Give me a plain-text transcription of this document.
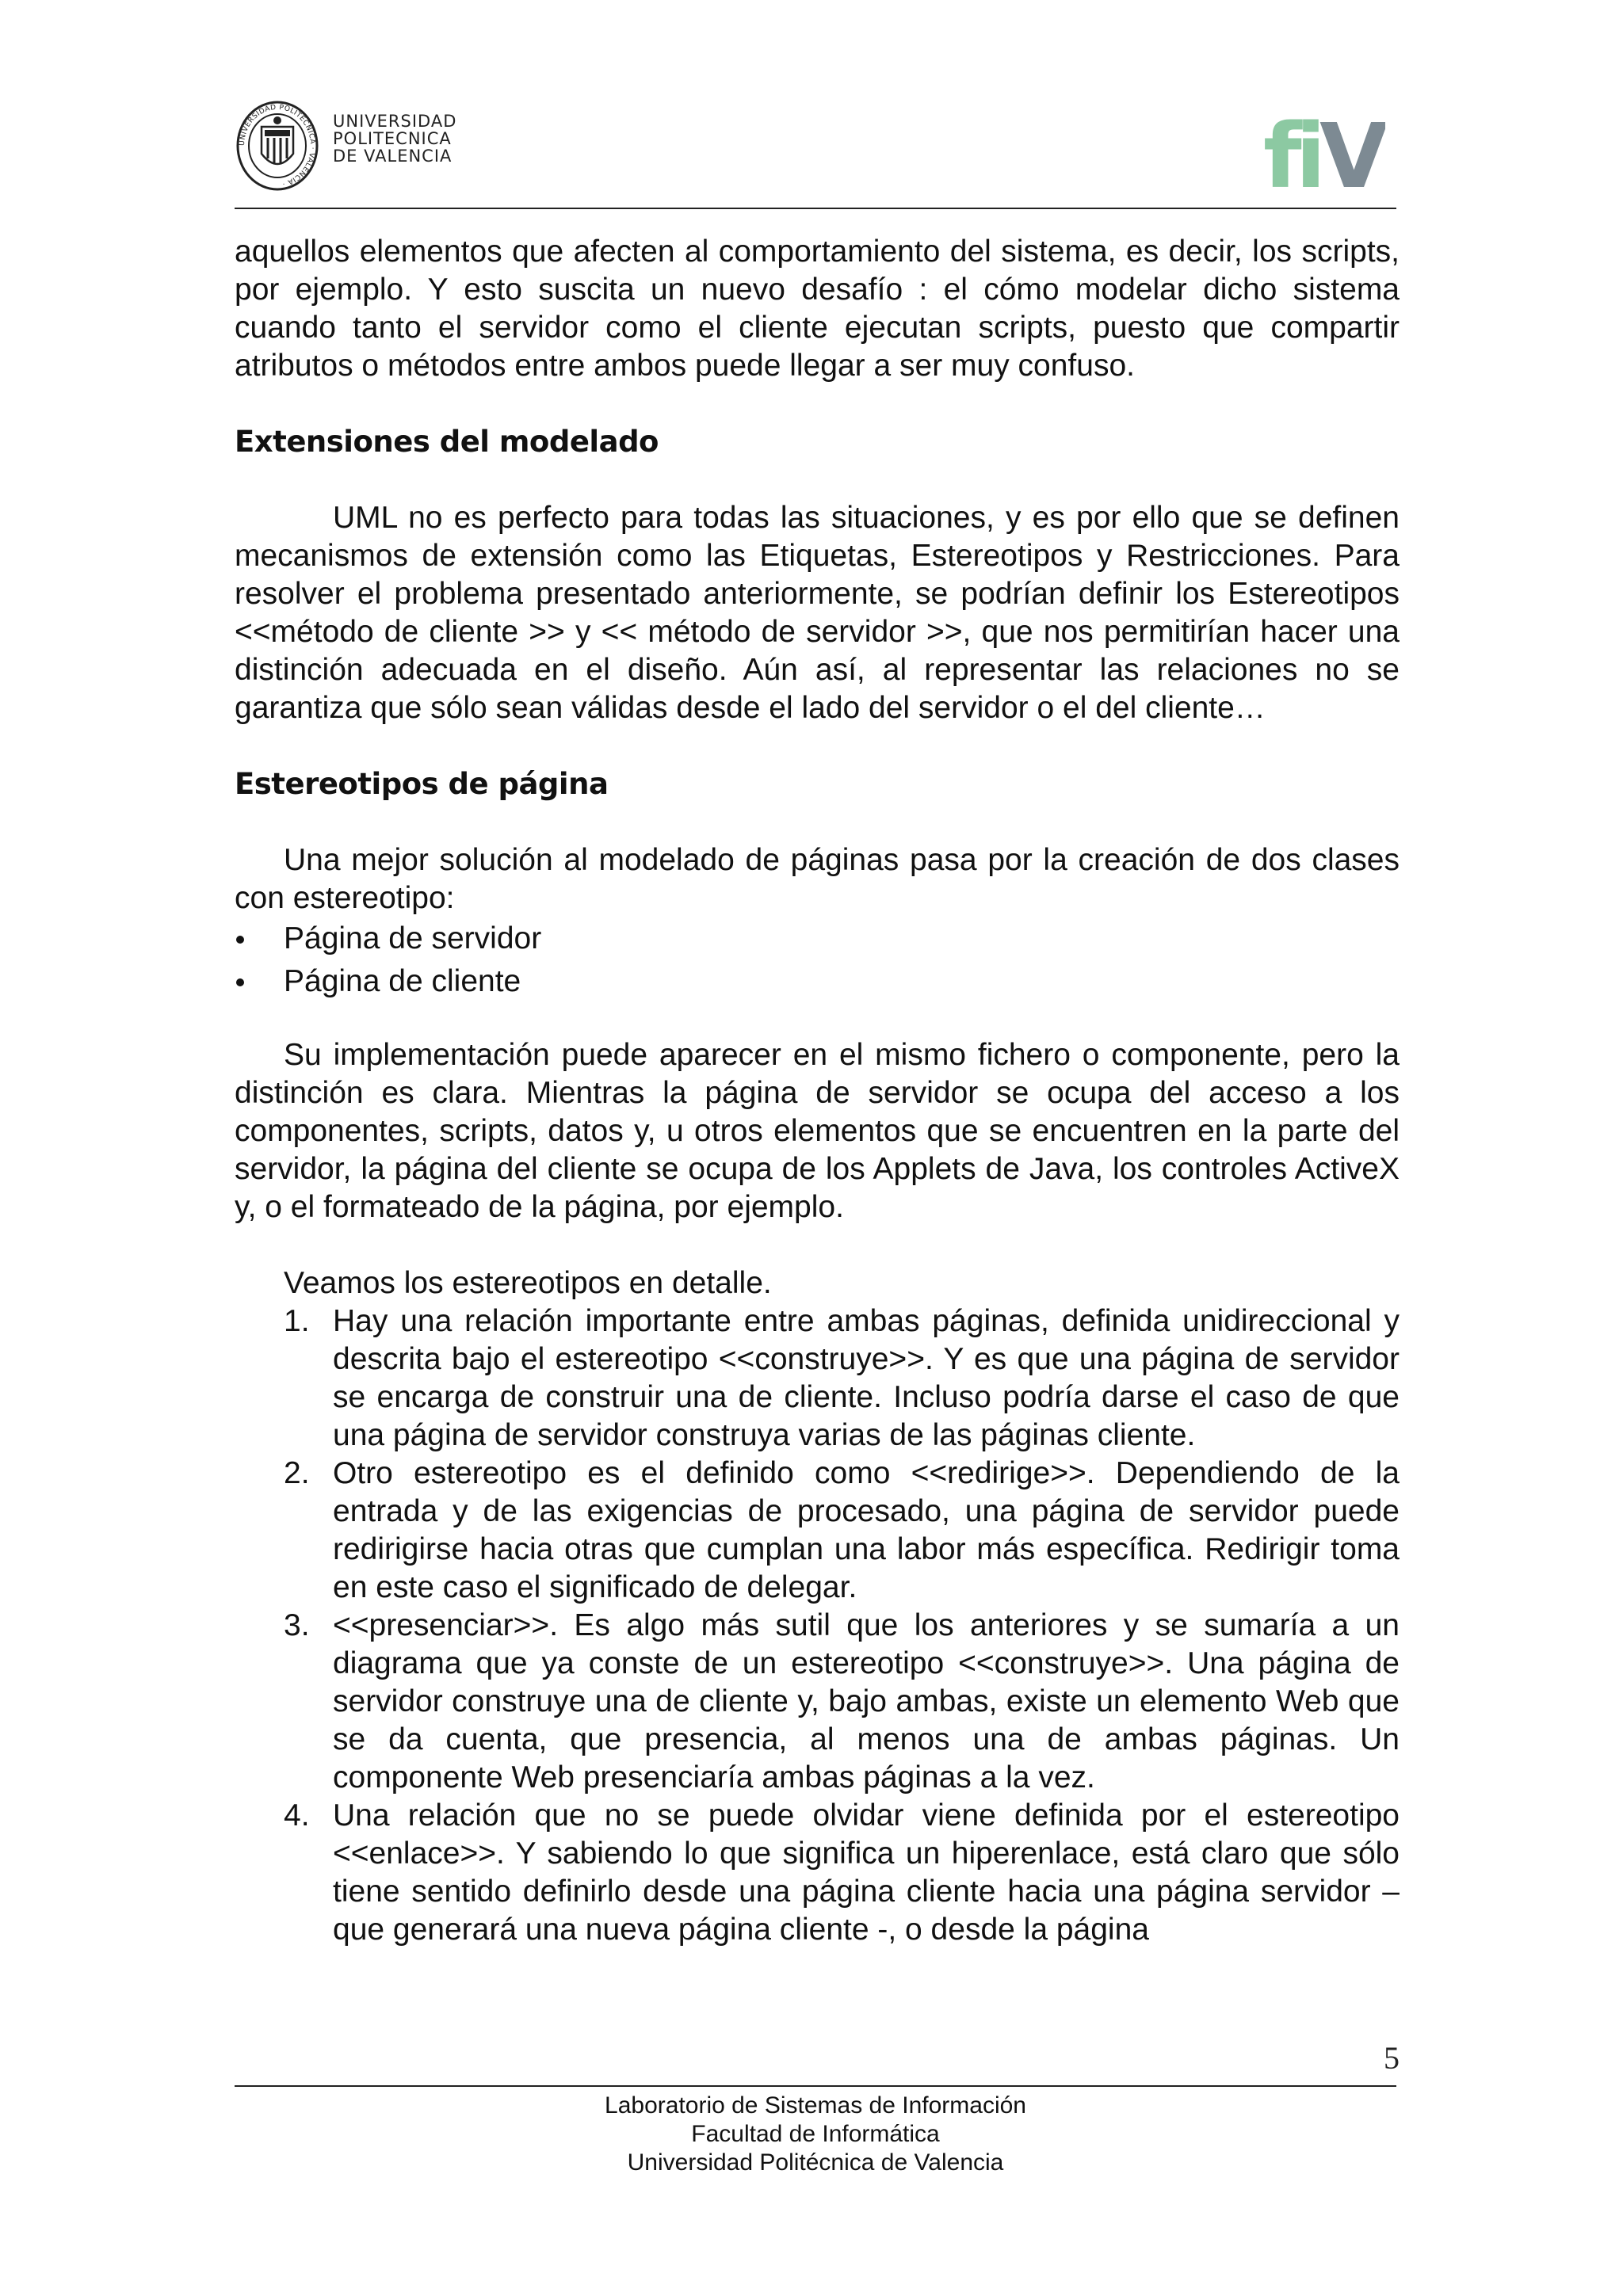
UNIVERSIDAD POLITÉCNICA · VALENCIA ·
UNIVERSIDAD
POLITECNICA
DE VALENCIA	fiV

aquellos elementos que afecten al comportamiento del sistema, es decir, los scripts, por ejemplo. Y esto suscita un nuevo desafío : el cómo modelar dicho sistema cuando tanto el servidor como el cliente ejecutan scripts, puesto que compartir atributos o métodos entre ambos puede llegar a ser muy confuso.

Extensiones del modelado

UML no es perfecto para todas las situaciones, y es por ello que se definen mecanismos de extensión como las Etiquetas, Estereotipos y Restricciones. Para resolver el problema presentado anteriormente, se podrían definir los Estereotipos <<método de cliente >> y << método de servidor >>, que nos permitirían hacer una distinción adecuada en el diseño. Aún así, al representar las relaciones no se garantiza que sólo sean válidas desde el lado del servidor o el del cliente…

Estereotipos de página

Una mejor solución al modelado de páginas pasa por la creación de dos clases con estereotipo:

Página de servidor
Página de cliente

Su implementación puede aparecer en el mismo fichero o componente, pero la distinción es clara. Mientras la página de servidor se ocupa del acceso a los componentes, scripts, datos y, u otros elementos que se encuentren en la parte del servidor, la página del cliente se ocupa de los Applets de Java, los controles ActiveX y, o el formateado de la página, por ejemplo.

Veamos los estereotipos en detalle.

1. Hay una relación importante entre ambas páginas, definida unidireccional y descrita bajo el estereotipo <<construye>>. Y es que una página de servidor se encarga de construir una de cliente. Incluso podría darse el caso de que una página de servidor construya varias de las páginas cliente.
2. Otro estereotipo es el definido como <<redirige>>. Dependiendo de la entrada y de las exigencias de procesado, una página de servidor puede redirigirse hacia otras que cumplan una labor más específica. Redirigir toma en este caso el significado de delegar.
3. <<presenciar>>. Es algo más sutil que los anteriores y se sumaría a un diagrama que ya conste de un estereotipo <<construye>>. Una página de servidor construye una de cliente y, bajo ambas, existe un elemento Web que se da cuenta, que presencia, al menos una de ambas páginas. Un componente Web presenciaría ambas páginas a la vez.
4. Una relación que no se puede olvidar viene definida por el estereotipo <<enlace>>. Y sabiendo lo que significa un hiperenlace, está claro que sólo tiene sentido definirlo desde una página cliente hacia una página servidor – que generará una nueva página cliente -, o desde la página
5
Laboratorio de Sistemas de Información
Facultad de Informática
Universidad Politécnica de Valencia
